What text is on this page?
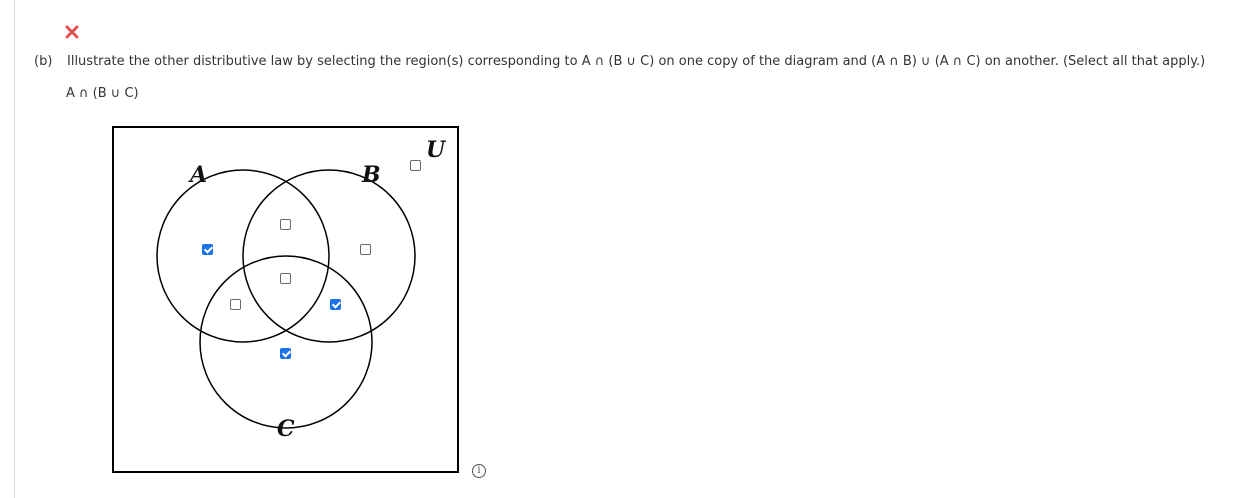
(b) Illustrate the other distributive law by selecting the region(s) corresponding to A ∩ (B ∪ C) on one copy of the diagram and (A ∩ B) ∪ (A ∩ C) on another. (Select all that apply.)
A ∩ (B ∪ C)
A	B
C
U
i
